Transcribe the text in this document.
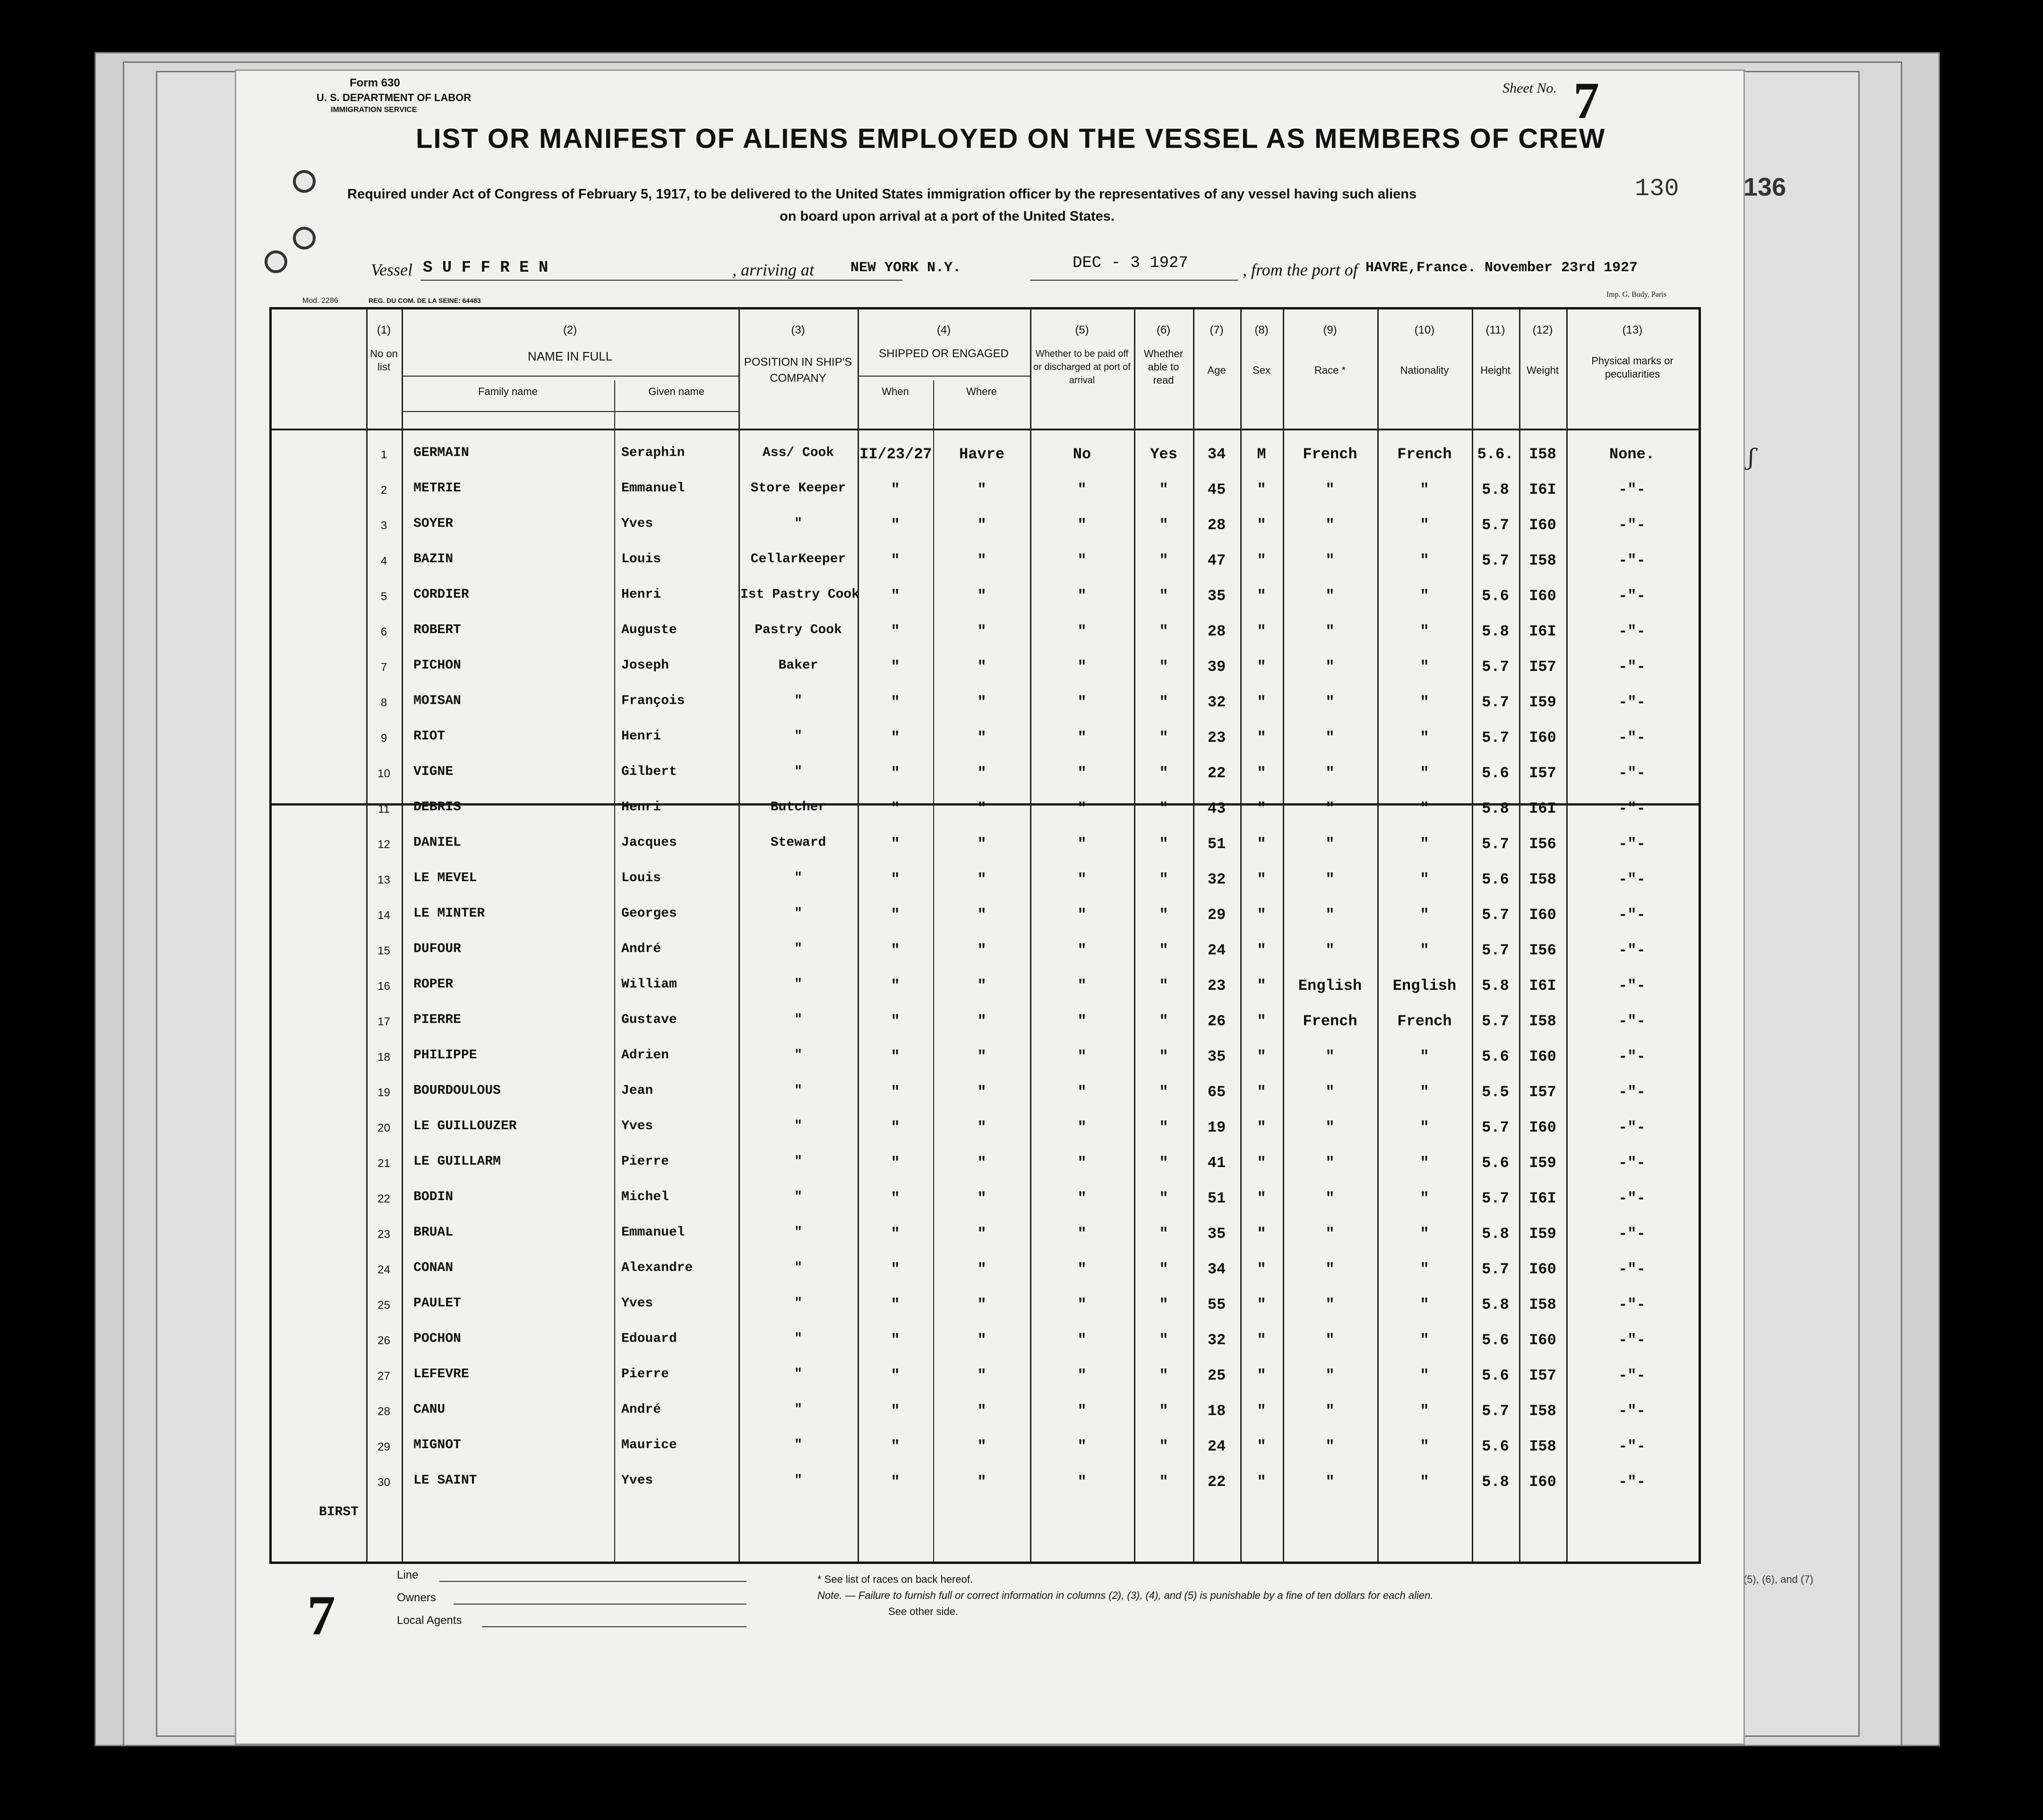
136
(5), (6), and (7)
ʃ
Form 630
U. S. DEPARTMENT OF LABOR
IMMIGRATION SERVICE
Sheet No. 7
LIST OR MANIFEST OF ALIENS EMPLOYED ON THE VESSEL AS MEMBERS OF CREW
Required under Act of Congress of February 5, 1917, to be delivered to the United States immigration officer by the representatives of any vessel having such aliens
on board upon arrival at a port of the United States.
130
Vessel S U F F R E N	, arriving at	NEW YORK N.Y.	DEC - 3 1927	, from the port of HAVRE,France. November 23rd 1927
Mod. 2286	REG. DU COM. DE LA SEINE: 64483
Imp. G. Budy, Paris
(1)
No on list
(2)
NAME IN FULL
Family name	Given name
(3)
POSITION IN SHIP'S COMPANY
(4)
SHIPPED OR ENGAGED
When	Where
(5)
Whether to be paid off or discharged at port of arrival
(6)
Whether able to read
(7)
Age
(8)
Sex
(9)
Race *
(10)
Nationality
(11)
Height
(12)
Weight
(13)
Physical marks or peculiarities
BIRST
1	GERMAIN	Seraphin	Ass/ Cook	II/23/27	Havre	No	Yes	34	M	French	French	5.6.	I58	None.
2	METRIE	Emmanuel	Store Keeper	"	"	"	"	45	"	"	"	5.8	I6I	-"-
3	SOYER	Yves	"	"	"	"	"	28	"	"	"	5.7	I60	-"-
4	BAZIN	Louis	CellarKeeper	"	"	"	"	47	"	"	"	5.7	I58	-"-
5	CORDIER	Henri	Ist Pastry Cook	"	"	"	"	35	"	"	"	5.6	I60	-"-
6	ROBERT	Auguste	Pastry Cook	"	"	"	"	28	"	"	"	5.8	I6I	-"-
7	PICHON	Joseph	Baker	"	"	"	"	39	"	"	"	5.7	I57	-"-
8	MOISAN	François	"	"	"	"	"	32	"	"	"	5.7	I59	-"-
9	RIOT	Henri	"	"	"	"	"	23	"	"	"	5.7	I60	-"-
10	VIGNE	Gilbert	"	"	"	"	"	22	"	"	"	5.6	I57	-"-
11	DEBRIS	Henri	Butcher	"	"	"	"	43	"	"	"	5.8	I6I	-"-
12	DANIEL	Jacques	Steward	"	"	"	"	51	"	"	"	5.7	I56	-"-
13	LE MEVEL	Louis	"	"	"	"	"	32	"	"	"	5.6	I58	-"-
14	LE MINTER	Georges	"	"	"	"	"	29	"	"	"	5.7	I60	-"-
15	DUFOUR	André	"	"	"	"	"	24	"	"	"	5.7	I56	-"-
16	ROPER	William	"	"	"	"	"	23	"	English	English	5.8	I6I	-"-
17	PIERRE	Gustave	"	"	"	"	"	26	"	French	French	5.7	I58	-"-
18	PHILIPPE	Adrien	"	"	"	"	"	35	"	"	"	5.6	I60	-"-
19	BOURDOULOUS	Jean	"	"	"	"	"	65	"	"	"	5.5	I57	-"-
20	LE GUILLOUZER	Yves	"	"	"	"	"	19	"	"	"	5.7	I60	-"-
21	LE GUILLARM	Pierre	"	"	"	"	"	41	"	"	"	5.6	I59	-"-
22	BODIN	Michel	"	"	"	"	"	51	"	"	"	5.7	I6I	-"-
23	BRUAL	Emmanuel	"	"	"	"	"	35	"	"	"	5.8	I59	-"-
24	CONAN	Alexandre	"	"	"	"	"	34	"	"	"	5.7	I60	-"-
25	PAULET	Yves	"	"	"	"	"	55	"	"	"	5.8	I58	-"-
26	POCHON	Edouard	"	"	"	"	"	32	"	"	"	5.6	I60	-"-
27	LEFEVRE	Pierre	"	"	"	"	"	25	"	"	"	5.6	I57	-"-
28	CANU	André	"	"	"	"	"	18	"	"	"	5.7	I58	-"-
29	MIGNOT	Maurice	"	"	"	"	"	24	"	"	"	5.6	I58	-"-
30	LE SAINT	Yves	"	"	"	"	"	22	"	"	"	5.8	I60	-"-
7
Line
Owners
Local Agents
* See list of races on back hereof.
Note. — Failure to furnish full or correct information in columns (2), (3), (4), and (5) is punishable by a fine of ten dollars for each alien.
See other side.
